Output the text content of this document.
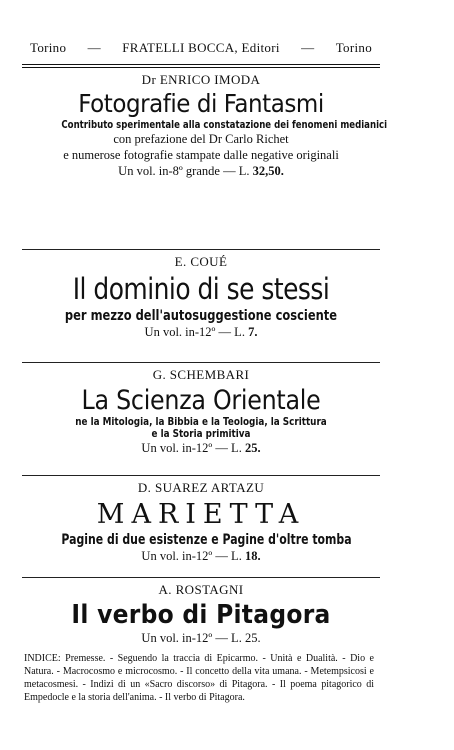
Torino — FRATELLI BOCCA, Editori — Torino
Dr ENRICO IMODA
Fotografie di Fantasmi
Contributo sperimentale alla constatazione dei fenomeni medianici
con prefazione del Dr Carlo Richet
e numerose fotografie stampate dalle negative originali
Un vol. in-8º grande — L. 32,50.
E. COUÉ
Il dominio di se stessi
per mezzo dell'autosuggestione cosciente
Un vol. in-12º — L. 7.
G. SCHEMBARI
La Scienza Orientale
ne la Mitologia, la Bibbia e la Teologia, la Scrittura
e la Storia primitiva
Un vol. in-12º — L. 25.
D. SUAREZ ARTAZU
MARIETTA
Pagine di due esistenze e Pagine d'oltre tomba
Un vol. in-12º — L. 18.
A. ROSTAGNI
Il verbo di Pitagora
Un vol. in-12º — L. 25.
INDICE: Premesse. - Seguendo la traccia di Epicarmo. - Unità e Dualità. - Dio e Natura. - Macrocosmo e microcosmo. - Il concetto della vita umana. - Metempsicosi e metacosmesi. - Indizi di un «Sacro discorso» di Pitagora. - Il poema pitagorico di Empedocle e la storia dell'anima. - Il verbo di Pitagora.
